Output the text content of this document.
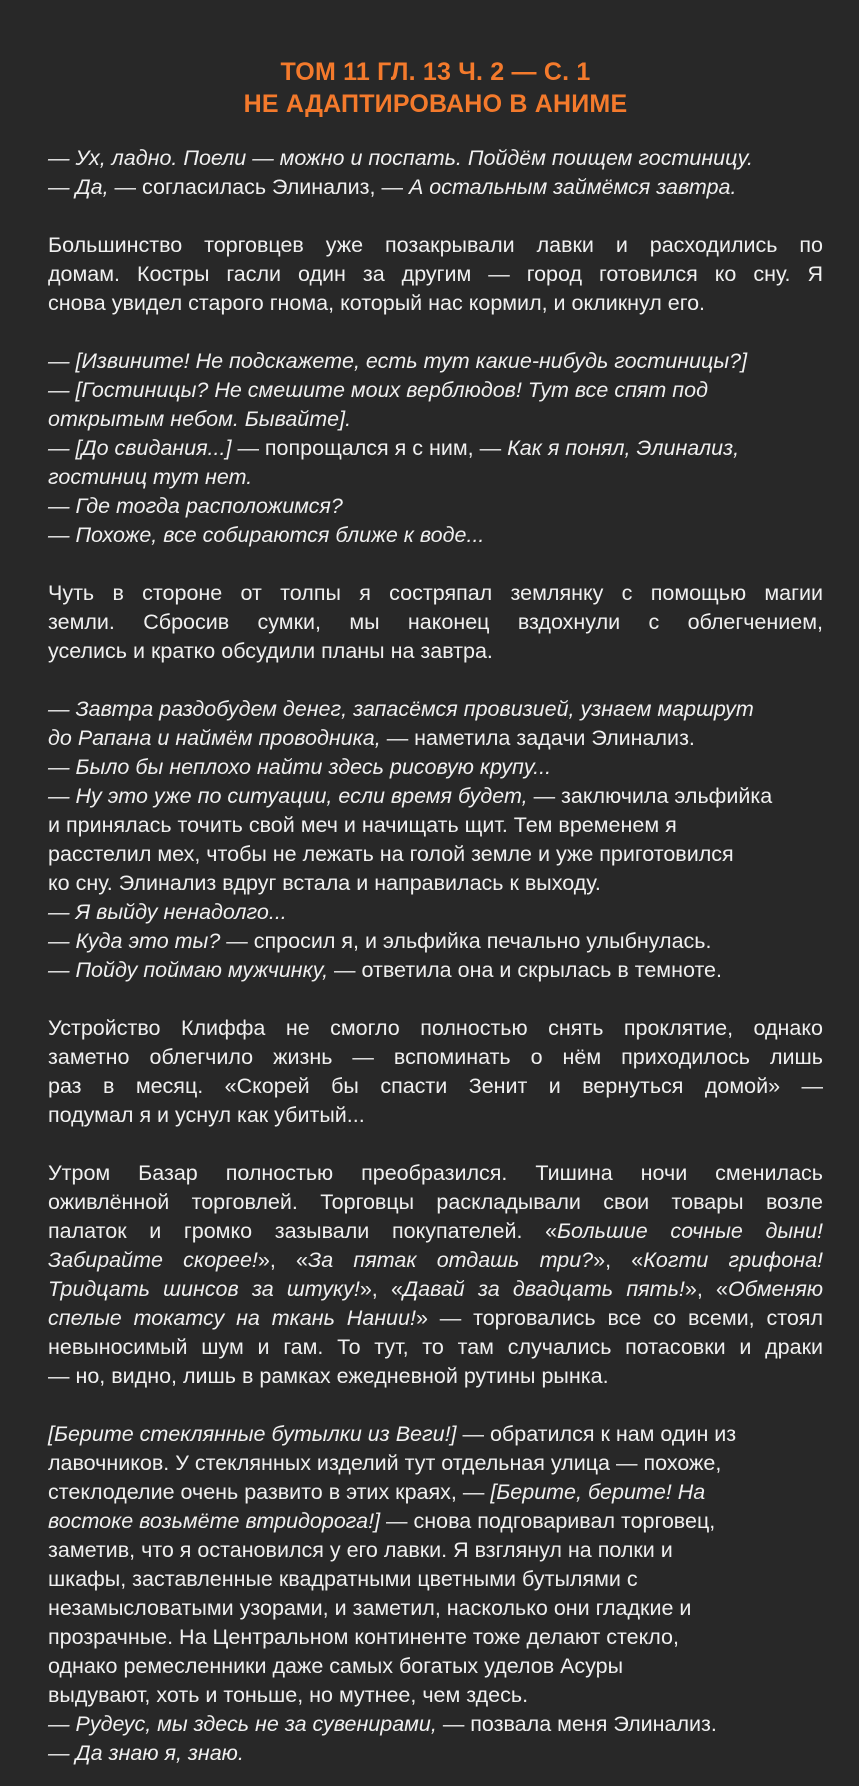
ТОМ 11 ГЛ. 13 Ч. 2 — С. 1
НЕ АДАПТИРОВАНО В АНИМЕ
— Ух, ладно. Поели — можно и поспать. Пойдём поищем гостиницу.
— Да, — согласилась Элинализ, — А остальным займёмся завтра.
Большинство торговцев уже позакрывали лавки и расходились по
домам. Костры гасли один за другим — город готовился ко сну. Я
снова увидел старого гнома, который нас кормил, и окликнул его.
— [Извините! Не подскажете, есть тут какие-нибудь гостиницы?]
— [Гостиницы? Не смешите моих верблюдов! Тут все спят под
открытым небом. Бывайте].
— [До свидания...] — попрощался я с ним, — Как я понял, Элинализ,
гостиниц тут нет.
— Где тогда расположимся?
— Похоже, все собираются ближе к воде...
Чуть в стороне от толпы я состряпал землянку с помощью магии
земли. Сбросив сумки, мы наконец вздохнули с облегчением,
уселись и кратко обсудили планы на завтра.
— Завтра раздобудем денег, запасёмся провизией, узнаем маршрут
до Рапана и наймём проводника, — наметила задачи Элинализ.
— Было бы неплохо найти здесь рисовую крупу...
— Ну это уже по ситуации, если время будет, — заключила эльфийка
и принялась точить свой меч и начищать щит. Тем временем я
расстелил мех, чтобы не лежать на голой земле и уже приготовился
ко сну. Элинализ вдруг встала и направилась к выходу.
— Я выйду ненадолго...
— Куда это ты? — спросил я, и эльфийка печально улыбнулась.
— Пойду поймаю мужчинку, — ответила она и скрылась в темноте.
Устройство Клиффа не смогло полностью снять проклятие, однако
заметно облегчило жизнь — вспоминать о нём приходилось лишь
раз в месяц. «Скорей бы спасти Зенит и вернуться домой» —
подумал я и уснул как убитый...
Утром Базар полностью преобразился. Тишина ночи сменилась
оживлённой торговлей. Торговцы раскладывали свои товары возле
палаток и громко зазывали покупателей. «Большие сочные дыни!
Забирайте скорее!», «За пятак отдашь три?», «Когти грифона!
Тридцать шинсов за штуку!», «Давай за двадцать пять!», «Обменяю
спелые токатсу на ткань Нании!» — торговались все со всеми, стоял
невыносимый шум и гам. То тут, то там случались потасовки и драки
— но, видно, лишь в рамках ежедневной рутины рынка.
[Берите стеклянные бутылки из Веги!] — обратился к нам один из
лавочников. У стеклянных изделий тут отдельная улица — похоже,
стеклоделие очень развито в этих краях, — [Берите, берите! На
востоке возьмёте втридорога!] — снова подговаривал торговец,
заметив, что я остановился у его лавки. Я взглянул на полки и
шкафы, заставленные квадратными цветными бутылями с
незамысловатыми узорами, и заметил, насколько они гладкие и
прозрачные. На Центральном континенте тоже делают стекло,
однако ремесленники даже самых богатых уделов Асуры
выдувают, хоть и тоньше, но мутнее, чем здесь.
— Рудеус, мы здесь не за сувенирами, — позвала меня Элинализ.
— Да знаю я, знаю.
